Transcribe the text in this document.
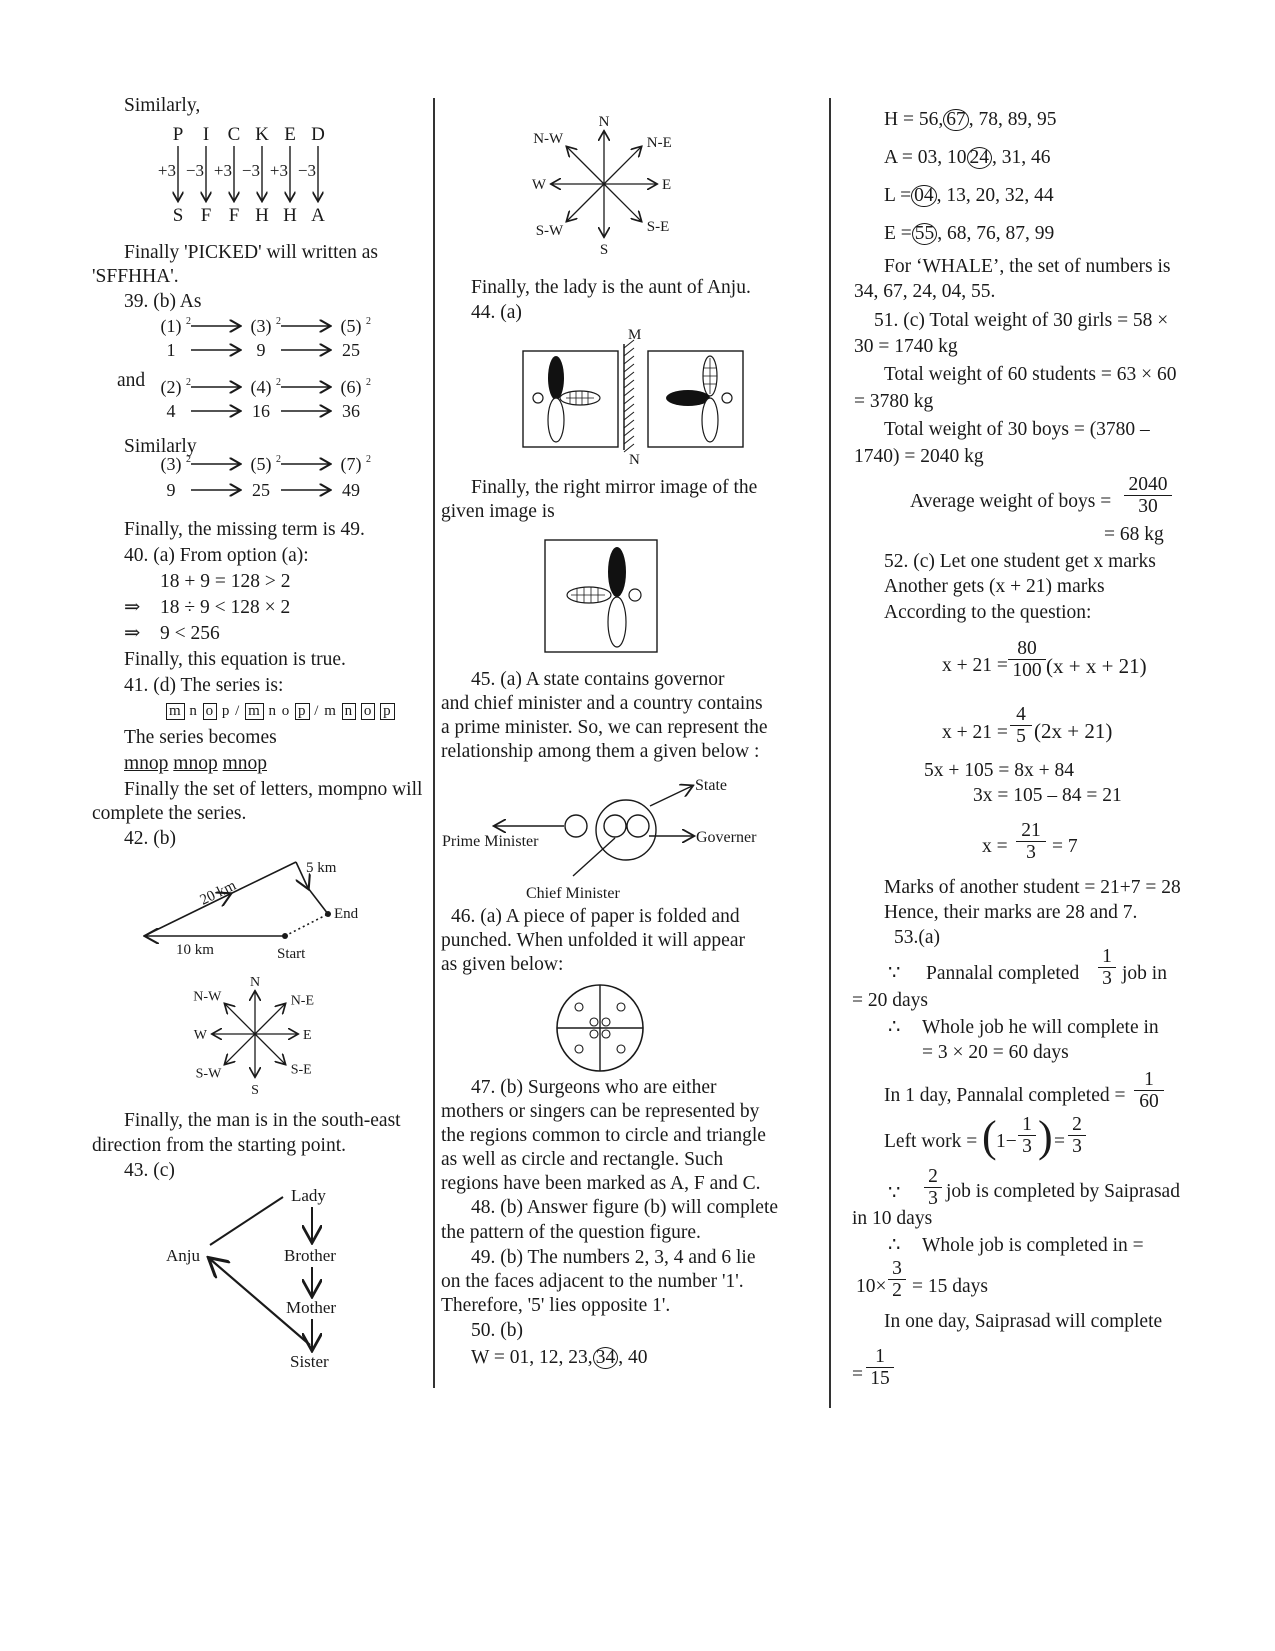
Similarly,
P I C K E D
+3 −3 +3 −3 +3 −3
S F F H H A
Finally 'PICKED' will written as
'SFFHHA'.
39. (b) As
(1) 2	(3) 2	(5) 2
1	9	25
(2) 2	(4) 2	(6) 2
4	16	36
(3) 2	(5) 2	(7) 2
9	25	49
and
Similarly
Finally, the missing term is 49.
40. (a) From option (a):
18 + 9 = 128 > 2
⇒ 18 ÷ 9 < 128 × 2
⇒ 9 < 256
Finally, this equation is true.
41. (d) The series is:
m n o p / m n o p / m n o p
The series becomes
mnop mnop mnop
Finally the set of letters, mompno will
complete the series.
42. (b)
20 km
5 km
End
10 km	Start
N
N-W	N-E
W	E
S-W	S-E
S
Finally, the man is in the south-east
direction from the starting point.
43. (c)
Lady
Anju	Brother
Mother
Sister
N
N-W	N-E
W	E
S-W	S-E
S
Finally, the lady is the aunt of Anju.
44. (a)
M
N
Finally, the right mirror image of the
given image is
45. (a) A state contains governor
and chief minister and a country contains
a prime minister. So, we can represent the
relationship among them a given below :
State
Prime Minister	Governer
Chief Minister
46. (a) A piece of paper is folded and
punched. When unfolded it will appear
as given below:
47. (b) Surgeons who are either
mothers or singers can be represented by
the regions common to circle and triangle
as well as circle and rectangle. Such
regions have been marked as A, F and C.
48. (b) Answer figure (b) will complete
the pattern of the question figure.
49. (b) The numbers 2, 3, 4 and 6 lie
on the faces adjacent to the number '1'.
Therefore, '5' lies opposite 1'.
50. (b)
W = 01, 12, 23, 34 , 40
H = 56, 67 , 78, 89, 95
A = 03, 10 24 , 31, 46
L = 04 , 13, 20, 32, 44
E = 55 , 68, 76, 87, 99
For ‘WHALE’, the set of numbers is
34, 67, 24, 04, 55.
51. (c) Total weight of 30 girls = 58 ×
30 = 1740 kg
Total weight of 60 students = 63 × 60
= 3780 kg
Total weight of 30 boys = (3780 –
1740) = 2040 kg
Average weight of boys = $\frac{2040}{30}$
= 68 kg
52. (c) Let one student get x marks
Another gets (x + 21) marks
According to the question:
$x + 21 = \frac{80}{100} (x + x + 21)$
$x + 21 = \frac{4}{5} (2x + 21)$
5x + 105 = 8x + 84
3x = 105 – 84 = 21
$x = \frac{21}{3} = 7$
Marks of another student = 21+7 = 28
Hence, their marks are 28 and 7.
53.(a)
∵ Pannalal completed $\frac{1}{3}$ job in
= 20 days
∴ Whole job he will complete in
= 3 × 20 = 60 days
In 1 day, Pannalal completed = $\frac{1}{60}$
Left work = ( $1- \frac{1}{3}$ ) = $\frac{2}{3}$
∵ $\frac{2}{3}$ job is completed by Saiprasad
in 10 days
∴ Whole job is completed in =
$10\times \frac{3}{2} = 15$ days
In one day, Saiprasad will complete
= $\frac{1}{15}$
